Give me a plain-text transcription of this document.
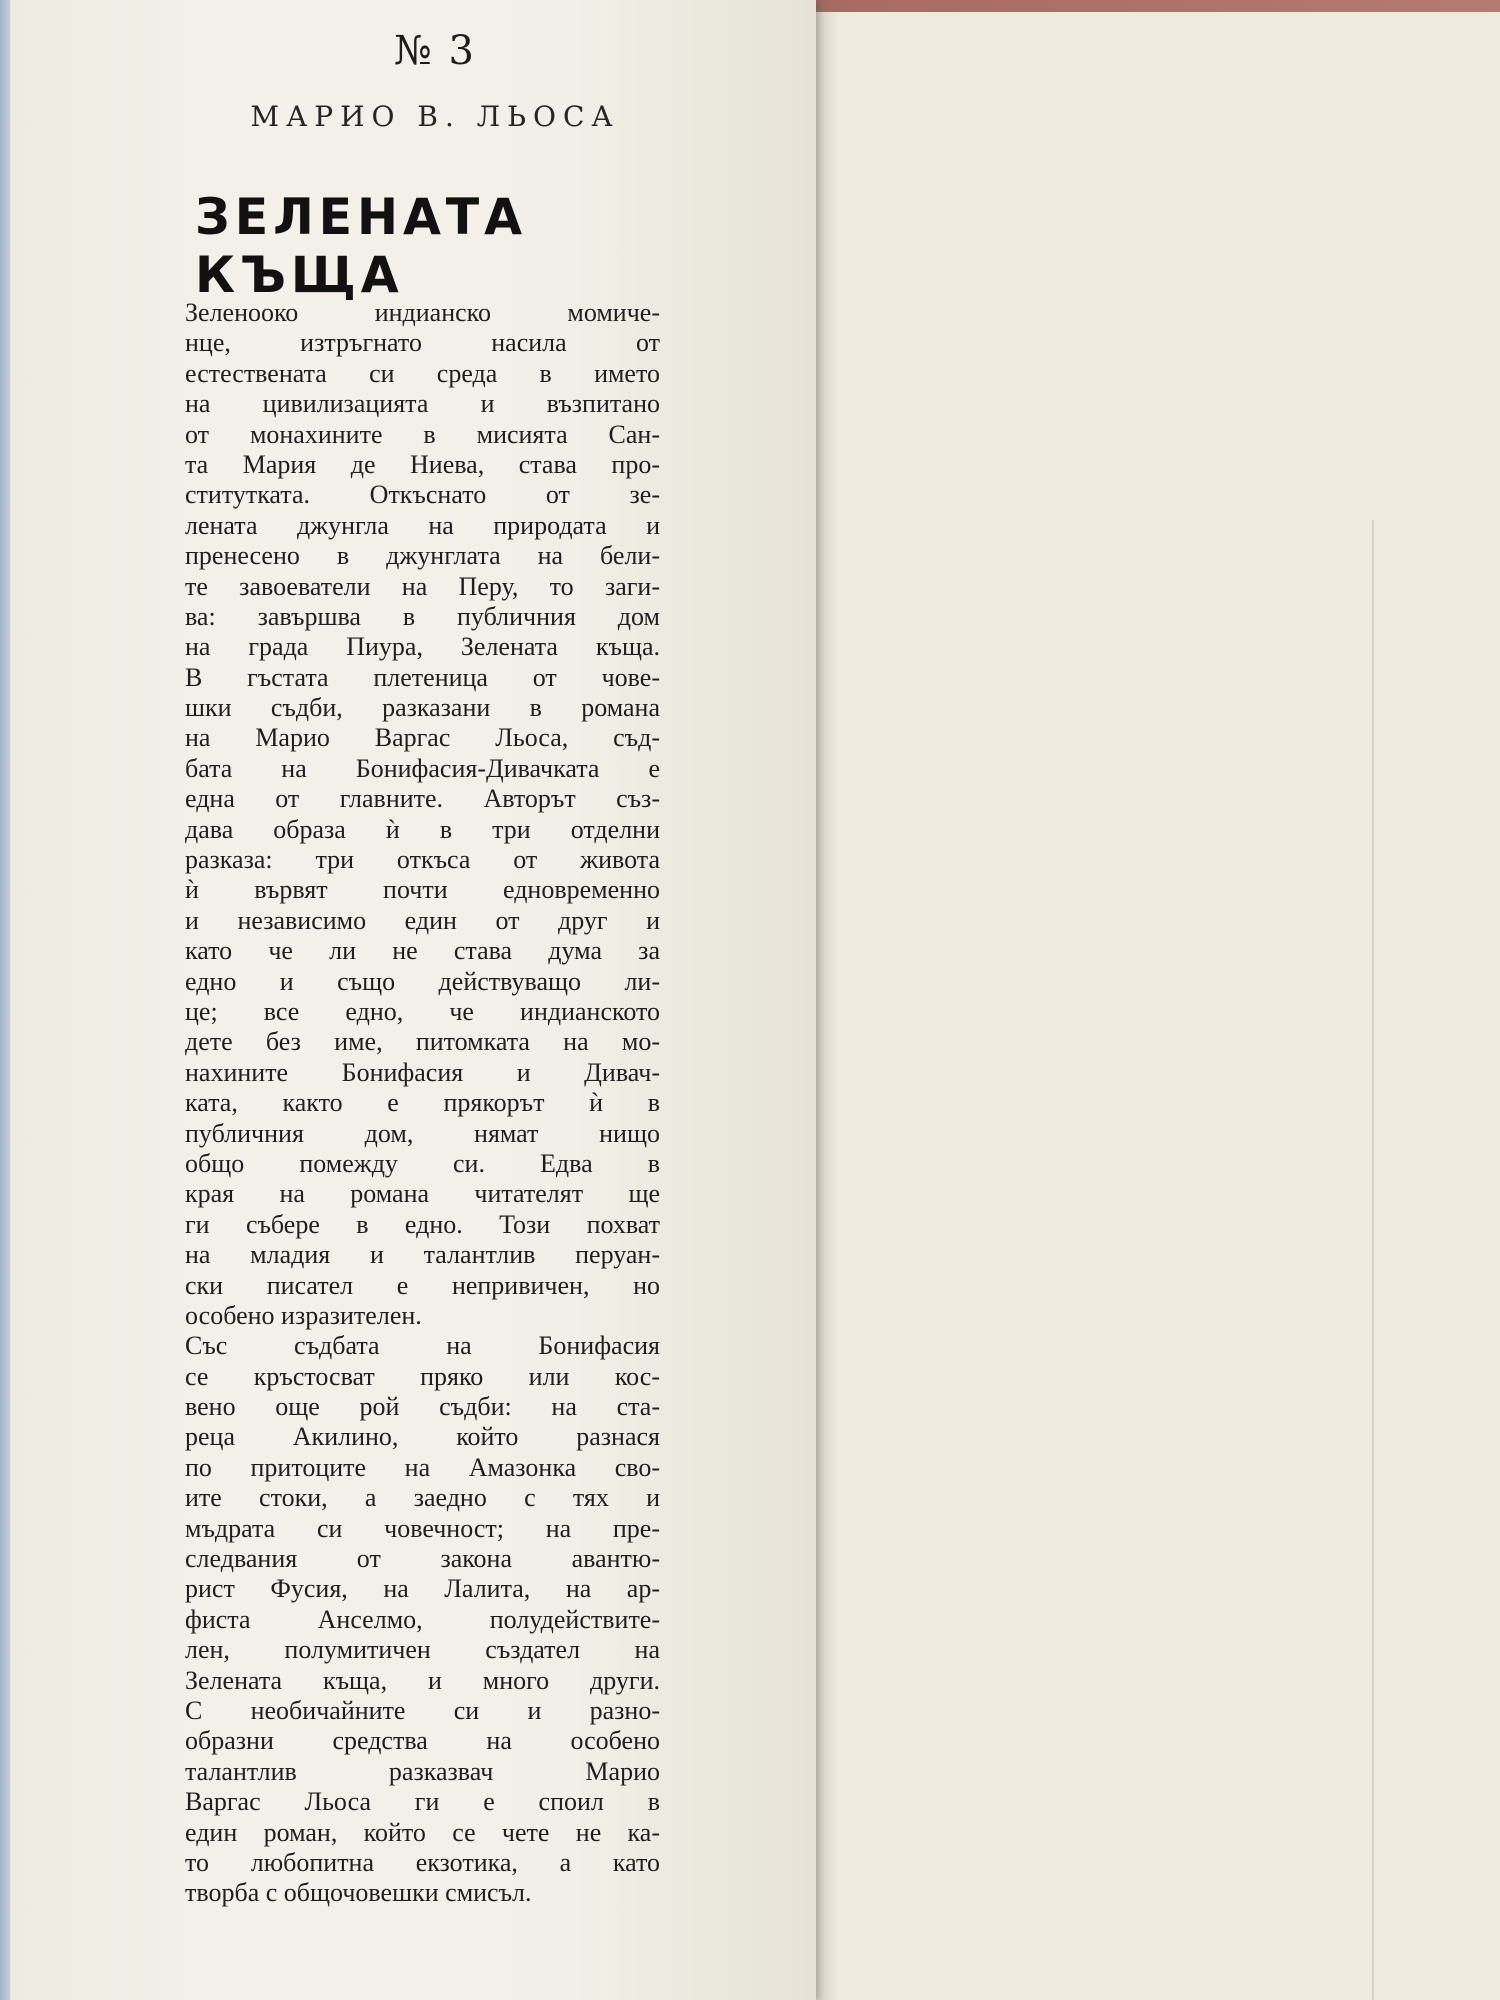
№ 3
МАРИО В. ЛЬОСА
ЗЕЛЕНАТА КЪЩА
Зеленооко индианско момиче-
нце, изтръгнато насила от
естествената си среда в името
на цивилизацията и възпитано
от монахините в мисията Сан-
та Мария де Ниева, става про-
ститутката. Откъснато от зе-
лената джунгла на природата и
пренесено в джунглата на бели-
те завоеватели на Перу, то заги-
ва: завършва в публичния дом
на града Пиура, Зелената къща.
В гъстата плетеница от чове-
шки съдби, разказани в романа
на Марио Варгас Льоса, съд-
бата на Бонифасия-Дивачката е
една от главните. Авторът съз-
дава образа ѝ в три отделни
разказа: три откъса от живота
ѝ вървят почти едновременно
и независимо един от друг и
като че ли не става дума за
едно и също действуващо ли-
це; все едно, че индианското
дете без име, питомката на мо-
нахините Бонифасия и Дивач-
ката, както е прякорът ѝ в
публичния дом, нямат нищо
общо помежду си. Едва в
края на романа читателят ще
ги събере в едно. Този похват
на младия и талантлив перуан-
ски писател е непривичен, но
особено изразителен.
Със съдбата на Бонифасия
се кръстосват пряко или кос-
вено още рой съдби: на ста-
реца Акилино, който разнася
по притоците на Амазонка сво-
ите стоки, а заедно с тях и
мъдрата си човечност; на пре-
следвания от закона авантю-
рист Фусия, на Лалита, на ар-
фиста Анселмо, полудействите-
лен, полумитичен създател на
Зелената къща, и много други.
С необичайните си и разно-
образни средства на особено
талантлив разказвач Марио
Варгас Льоса ги е споил в
един роман, който се чете не ка-
то любопитна екзотика, а като
творба с общочовешки смисъл.
